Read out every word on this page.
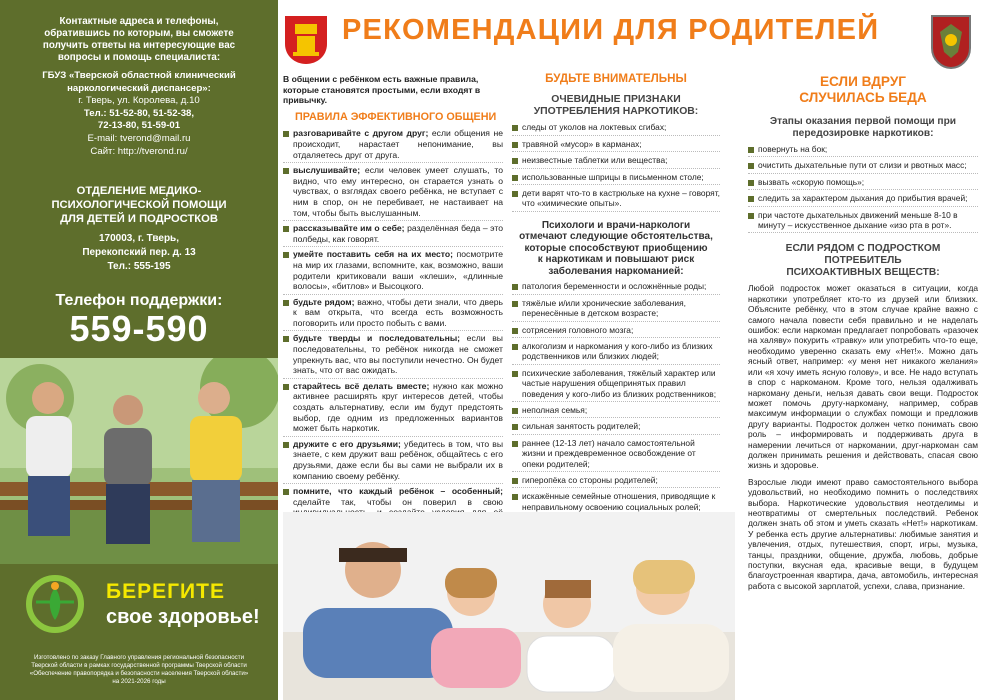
Контактные адреса и телефоны,
обратившись по которым, вы сможете
получить ответы на интересующие вас
вопросы и помощь специалиста:
ГБУЗ «Тверской областной клинический
наркологический диспансер»:
г. Тверь, ул. Королева, д.10
Тел.: 51-52-80, 51-52-38,
72-13-80, 51-59-01
E-mail: tverond@mail.ru
Сайт: http://tverond.ru/
ОТДЕЛЕНИЕ МЕДИКО-
ПСИХОЛОГИЧЕСКОЙ ПОМОЩИ
ДЛЯ ДЕТЕЙ И ПОДРОСТКОВ
170003, г. Тверь,
Перекопский пер. д. 13
Тел.: 555-195
Телефон поддержки:
559-590
БЕРЕГИТЕ
свое здоровье!
Изготовлено по заказу Главного управления региональной безопасности
Тверской области в рамках государственной программы Тверской области
«Обеспечение правопорядка и безопасности населения Тверской области»
на 2021-2026 годы
РЕКОМЕНДАЦИИ ДЛЯ РОДИТЕЛЕЙ
В общении с ребёнком есть важные правила, которые становятся простыми, если входят в привычку.
ПРАВИЛА ЭФФЕКТИВНОГО ОБЩЕНИ
разговаривайте с другом друг; если общения не происходит, нарастает непонимание, вы отдаляетесь друг от друга.
выслушивайте; если человек умеет слушать, то видно, что ему интересно, он старается узнать о чувствах, о взглядах своего ребёнка, не вступает с ним в спор, он не перебивает, не настаивает на том, чтобы быть выслушанным.
рассказывайте им о себе; разделённая беда – это полбеды, как говорят.
умейте поставить себя на их место; посмотрите на мир их глазами, вспомните, как, возможно, ваши родители критиковали ваши «клеши», «длинные волосы», «битлов» и Высоцкого.
будьте рядом; важно, чтобы дети знали, что дверь к вам открыта, что всегда есть возможность поговорить или просто побыть с вами.
будьте тверды и последовательны; если вы последовательны, то ребёнок никогда не сможет упрекнуть вас, что вы поступили нечестно. Он будет знать, что от вас ожидать.
старайтесь всё делать вместе; нужно как можно активнее расширять круг интересов детей, чтобы создать альтернативу, если им будут предстоять выбор, где одним из предложенных вариантов может быть наркотик.
дружите с его друзьями; убедитесь в том, что вы знаете, с кем дружит ваш ребёнок, общайтесь с его друзьями, даже если бы вы сами не выбрали их в компанию своему ребёнку.
помните, что каждый ребёнок – особенный; сделайте так, чтобы он поверил в свою
БУДЬТЕ ВНИМАТЕЛЬНЫ
ОЧЕВИДНЫЕ ПРИЗНАКИ
УПОТРЕБЛЕНИЯ НАРКОТИКОВ:
следы от уколов на локтевых сгибах;
травяной «мусор» в карманах;
неизвестные таблетки или вещества;
использованные шприцы в письменном столе;
дети варят что-то в кастрюльке на кухне – говорят, что «химические опыты».
Психологи и врачи-наркологи
отмечают следующие обстоятельства,
которые способствуют приобщению
к наркотикам и повышают риск
заболевания наркоманией:
патология беременности и осложнённые роды;
тяжёлые и/или хронические заболевания, перенесённые в детском возрасте;
сотрясения головного мозга;
алкоголизм и наркомания у кого-либо из близких родственников или близких людей;
психические заболевания, тяжёлый характер или частые нарушения общепринятых правил поведения у кого-либо из близких родственников;
неполная семья;
сильная занятость родителей;
раннее (12-13 лет) начало самостоятельной жизни и преждевременное освобождение от опеки родителей;
гиперопёка со стороны родителей;
искажённые семейные отношения, приводящие к неправильному освоению социальных ролей;
ЕСЛИ ВДРУГ
СЛУЧИЛАСЬ БЕДА
Этапы оказания первой помощи при
передозировке наркотиков:
повернуть на бок;
очистить дыхательные пути от слизи и рвотных масс;
вызвать «скорую помощь»;
следить за характером дыхания до прибытия врачей;
при частоте дыхательных движений меньше 8-10 в минуту – искусственное дыхание «изо рта в рот».
ЕСЛИ РЯДОМ С ПОДРОСТКОМ
ПОТРЕБИТЕЛЬ
ПСИХОАКТИВНЫХ ВЕЩЕСТВ:

Любой подросток может оказаться в ситуации, когда наркотики употребляет кто-то из друзей или близких. Объясните ребёнку, что в этом случае крайне важно с самого начала повести себя правильно и не наделать ошибок: если наркоман предлагает попробовать «разочек на халяву» покурить «травку» или употребить что-то еще, необходимо уверенно сказать ему «Нет!». Можно дать ясный ответ, например: «у меня нет никакого желания» или «я хочу иметь ясную голову», и все. Не надо вступать в спор с наркоманом. Кроме того, нельзя одалживать наркоману деньги, нельзя давать свои вещи. Подросток может помочь другу-наркоману, например, собрав максимум информации о службах помощи и предложив другу варианты. Подросток должен четко понимать свою роль – информировать и поддерживать друга в намерении лечиться от наркомании, друг-наркоман сам должен принимать решения и действовать, спасая свою жизнь и здоровье.

Взрослые люди имеют право самостоятельного выбора удовольствий, но необходимо помнить о последствиях выбора. Наркотические удовольствия неотделимы и неотвратимы от смертельных последствий. Ребенок должен знать об этом и уметь сказать «Нет!» наркотикам. У ребенка есть другие альтернативы: любимые занятия и увлечения, отдых, путешествия, спорт, игры, музыка, танцы, праздники, общение, дружба, любовь, добрые поступки, вкусная еда, красивые вещи, в будущем благоустроенная квартира, дача, автомобиль, интересная работа с высокой зарплатой, успехи, слава, признание.
